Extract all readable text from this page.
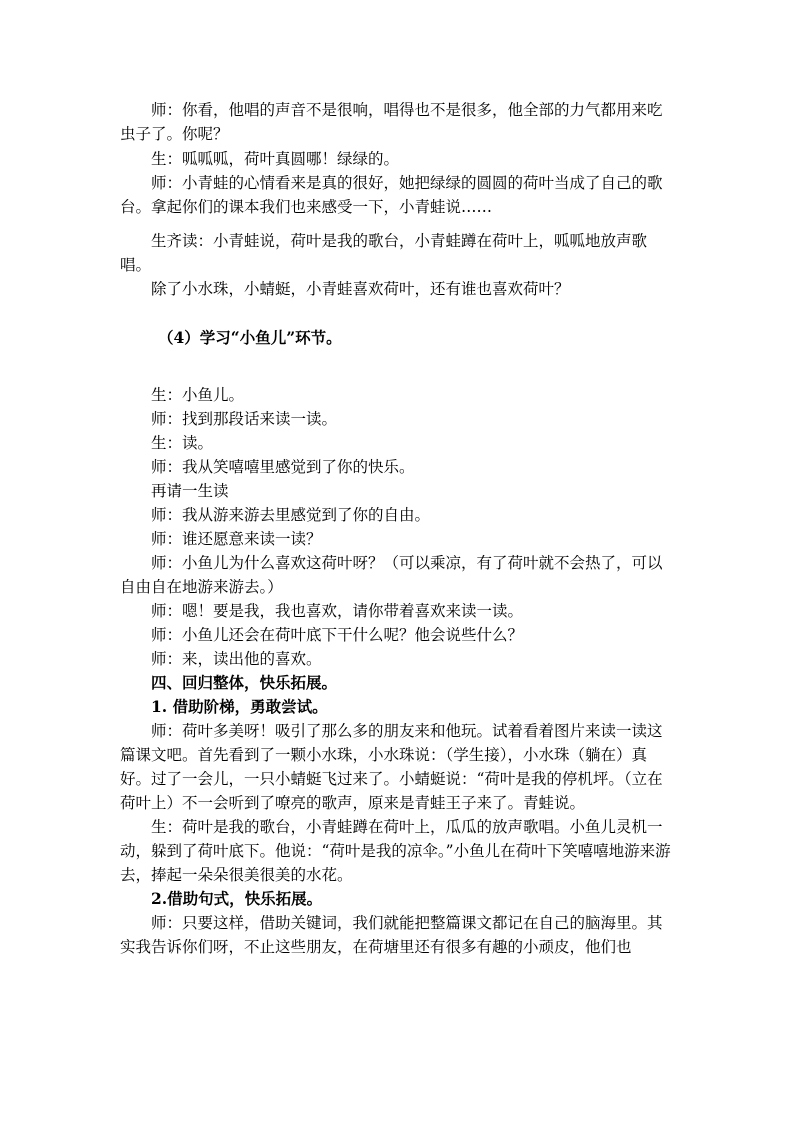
师：你看，他唱的声音不是很响，唱得也不是很多，他全部的力气都用来吃虫子了。你呢？
生：呱呱呱，荷叶真圆哪！绿绿的。
师：小青蛙的心情看来是真的很好，她把绿绿的圆圆的荷叶当成了自己的歌台。拿起你们的课本我们也来感受一下，小青蛙说……
生齐读：小青蛙说，荷叶是我的歌台，小青蛙蹲在荷叶上，呱呱地放声歌唱。
除了小水珠，小蜻蜓，小青蛙喜欢荷叶，还有谁也喜欢荷叶？
（4）学习“小鱼儿”环节。
生：小鱼儿。
师：找到那段话来读一读。
生：读。
师：我从笑嘻嘻里感觉到了你的快乐。
再请一生读
师：我从游来游去里感觉到了你的自由。
师：谁还愿意来读一读？
师：小鱼儿为什么喜欢这荷叶呀？（可以乘凉，有了荷叶就不会热了，可以自由自在地游来游去。）
师：嗯！要是我，我也喜欢，请你带着喜欢来读一读。
师：小鱼儿还会在荷叶底下干什么呢？他会说些什么？
师：来，读出他的喜欢。
四、回归整体，快乐拓展。
1. 借助阶梯，勇敢尝试。
师：荷叶多美呀！吸引了那么多的朋友来和他玩。试着看着图片来读一读这篇课文吧。首先看到了一颗小水珠，小水珠说：（学生接），小水珠（躺在）真好。过了一会儿，一只小蜻蜓飞过来了。小蜻蜓说：“荷叶是我的停机坪。（立在荷叶上）不一会听到了嘹亮的歌声，原来是青蛙王子来了。青蛙说。
生：荷叶是我的歌台，小青蛙蹲在荷叶上，瓜瓜的放声歌唱。小鱼儿灵机一动，躲到了荷叶底下。他说：“荷叶是我的凉伞。”小鱼儿在荷叶下笑嘻嘻地游来游去，捧起一朵朵很美很美的水花。
2.借助句式，快乐拓展。
师：只要这样，借助关键词，我们就能把整篇课文都记在自己的脑海里。其实我告诉你们呀，不止这些朋友，在荷塘里还有很多有趣的小顽皮，他们也
